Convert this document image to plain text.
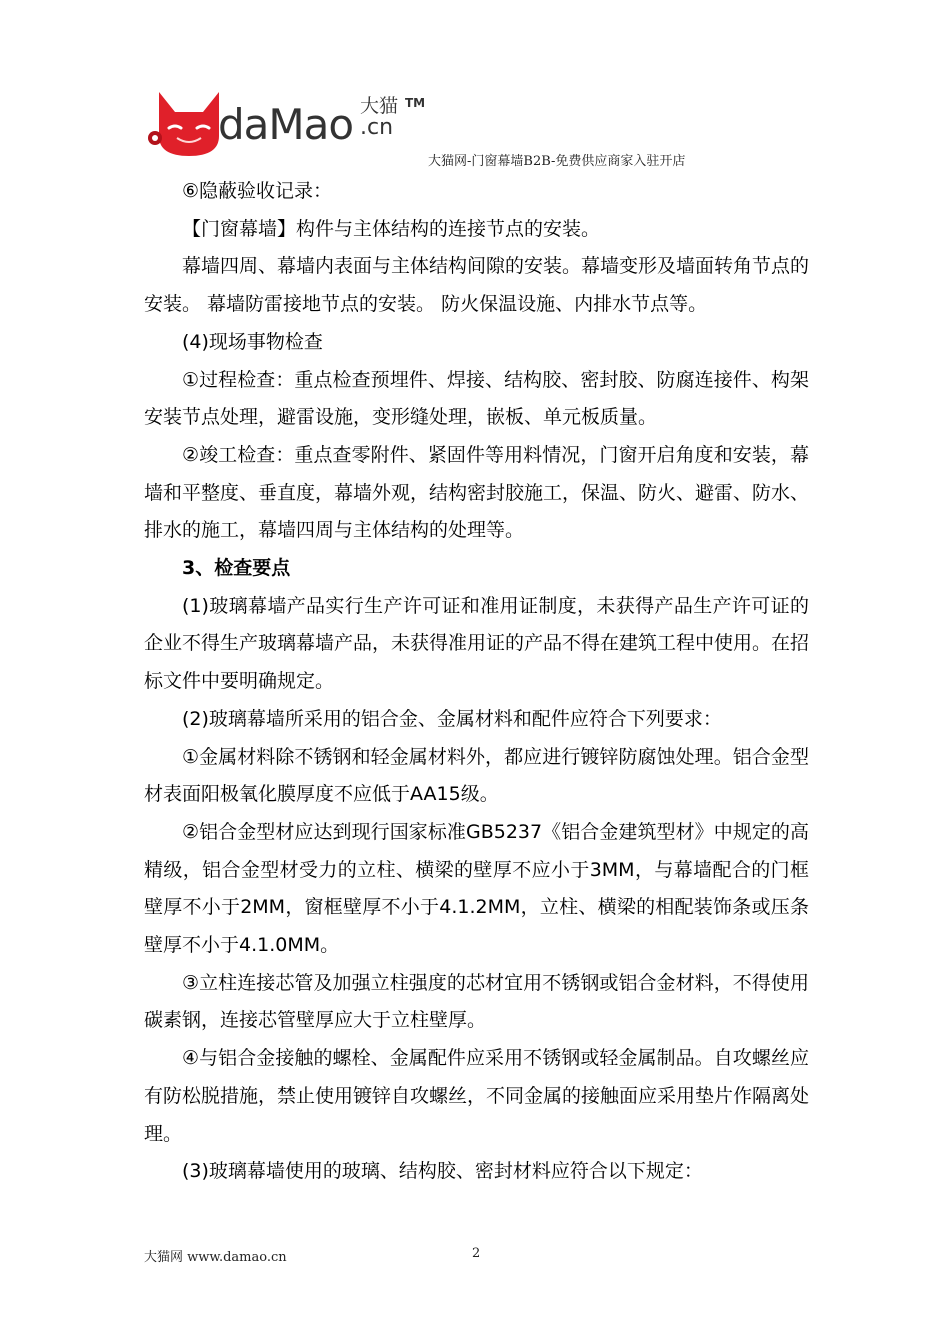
daMao 大猫
.cn
TM
大猫网-门窗幕墙B2B-免费供应商家入驻开店

⑥隐蔽验收记录：

【门窗幕墙】构件与主体结构的连接节点的安装。

幕墙四周、幕墙内表面与主体结构间隙的安装。幕墙变形及墙面转角节点的安装。 幕墙防雷接地节点的安装。 防火保温设施、内排水节点等。

(4)现场事物检查

①过程检查：重点检查预埋件、焊接、结构胶、密封胶、防腐连接件、构架安装节点处理，避雷设施，变形缝处理，嵌板、单元板质量。

②竣工检查：重点查零附件、紧固件等用料情况，门窗开启角度和安装，幕墙和平整度、垂直度，幕墙外观，结构密封胶施工，保温、防火、避雷、防水、排水的施工，幕墙四周与主体结构的处理等。

3、检查要点

(1)玻璃幕墙产品实行生产许可证和准用证制度，未获得产品生产许可证的企业不得生产玻璃幕墙产品，未获得准用证的产品不得在建筑工程中使用。在招标文件中要明确规定。

(2)玻璃幕墙所采用的铝合金、金属材料和配件应符合下列要求：

①金属材料除不锈钢和轻金属材料外，都应进行镀锌防腐蚀处理。铝合金型材表面阳极氧化膜厚度不应低于AA15级。

②铝合金型材应达到现行国家标准GB5237《铝合金建筑型材》中规定的高精级，铝合金型材受力的立柱、横梁的壁厚不应小于3MM，与幕墙配合的门框壁厚不小于2MM，窗框壁厚不小于4.1.2MM，立柱、横梁的相配装饰条或压条壁厚不小于4.1.0MM。

③立柱连接芯管及加强立柱强度的芯材宜用不锈钢或铝合金材料，不得使用碳素钢，连接芯管壁厚应大于立柱壁厚。

④与铝合金接触的螺栓、金属配件应采用不锈钢或轻金属制品。自攻螺丝应有防松脱措施，禁止使用镀锌自攻螺丝，不同金属的接触面应采用垫片作隔离处理。

(3)玻璃幕墙使用的玻璃、结构胶、密封材料应符合以下规定：

大猫网 www.damao.cn	2
